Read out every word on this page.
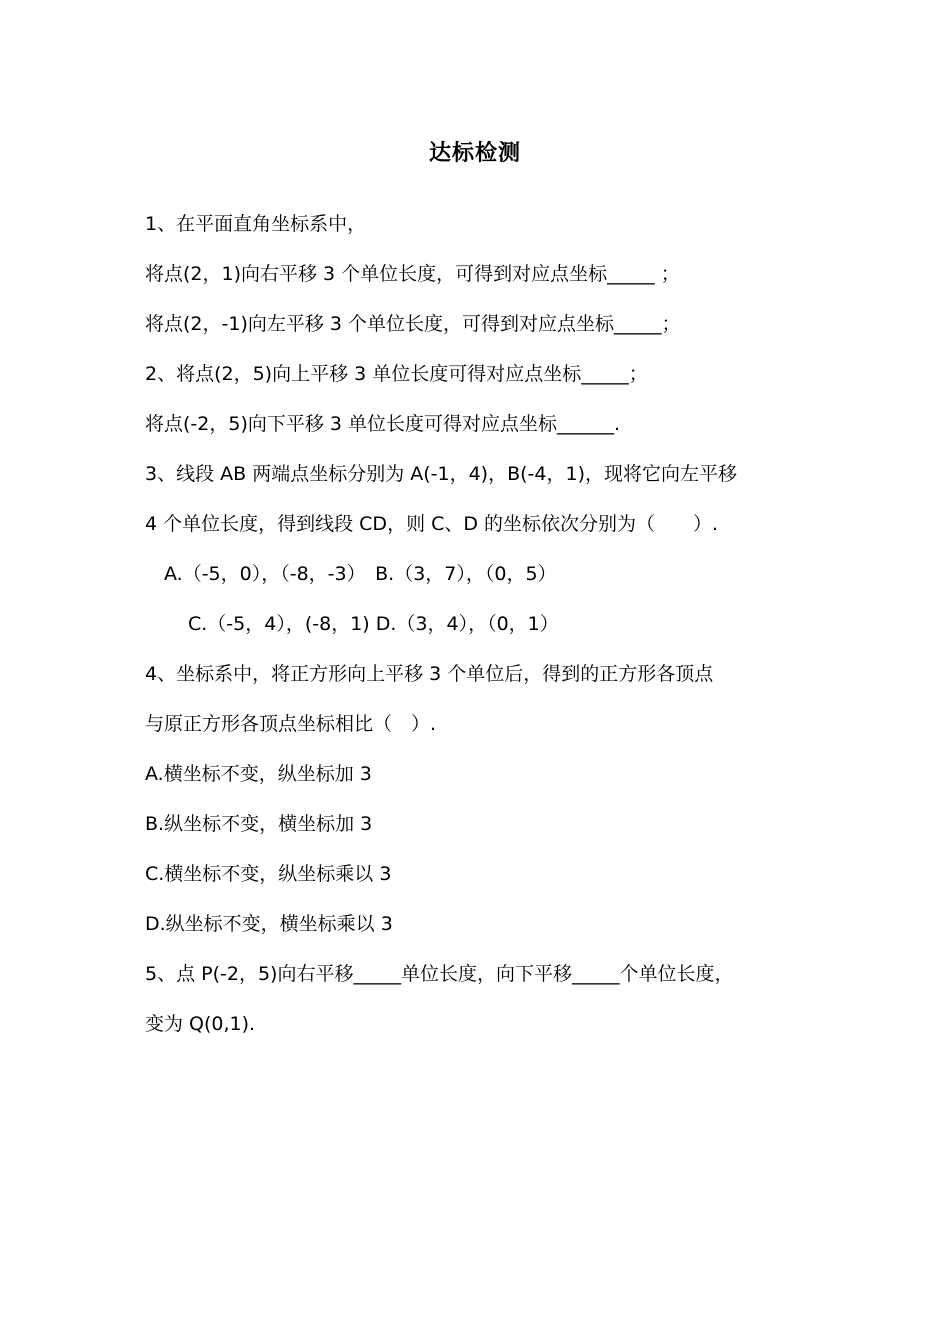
达标检测
1、在平面直角坐标系中，
将点(2，1)向右平移 3 个单位长度，可得到对应点坐标_____ ；
将点(2，-1)向左平移 3 个单位长度，可得到对应点坐标_____；
2、将点(2，5)向上平移 3 单位长度可得对应点坐标_____；
将点(-2，5)向下平移 3 单位长度可得对应点坐标______.
3、线段 AB 两端点坐标分别为 A(-1，4)，B(-4，1)，现将它向左平移
4 个单位长度，得到线段 CD，则 C、D 的坐标依次分别为（　　）.
A.（-5，0），（-8，-3）　B.（3，7），（0，5）
C.（-5，4），(-8，1) D.（3，4），（0，1）
4、坐标系中，将正方形向上平移 3 个单位后，得到的正方形各顶点
与原正方形各顶点坐标相比（　）.
A.横坐标不变，纵坐标加 3
B.纵坐标不变，横坐标加 3
C.横坐标不变，纵坐标乘以 3
D.纵坐标不变，横坐标乘以 3
5、点 P(-2，5)向右平移_____单位长度，向下平移_____个单位长度，
变为 Q(0,1).
